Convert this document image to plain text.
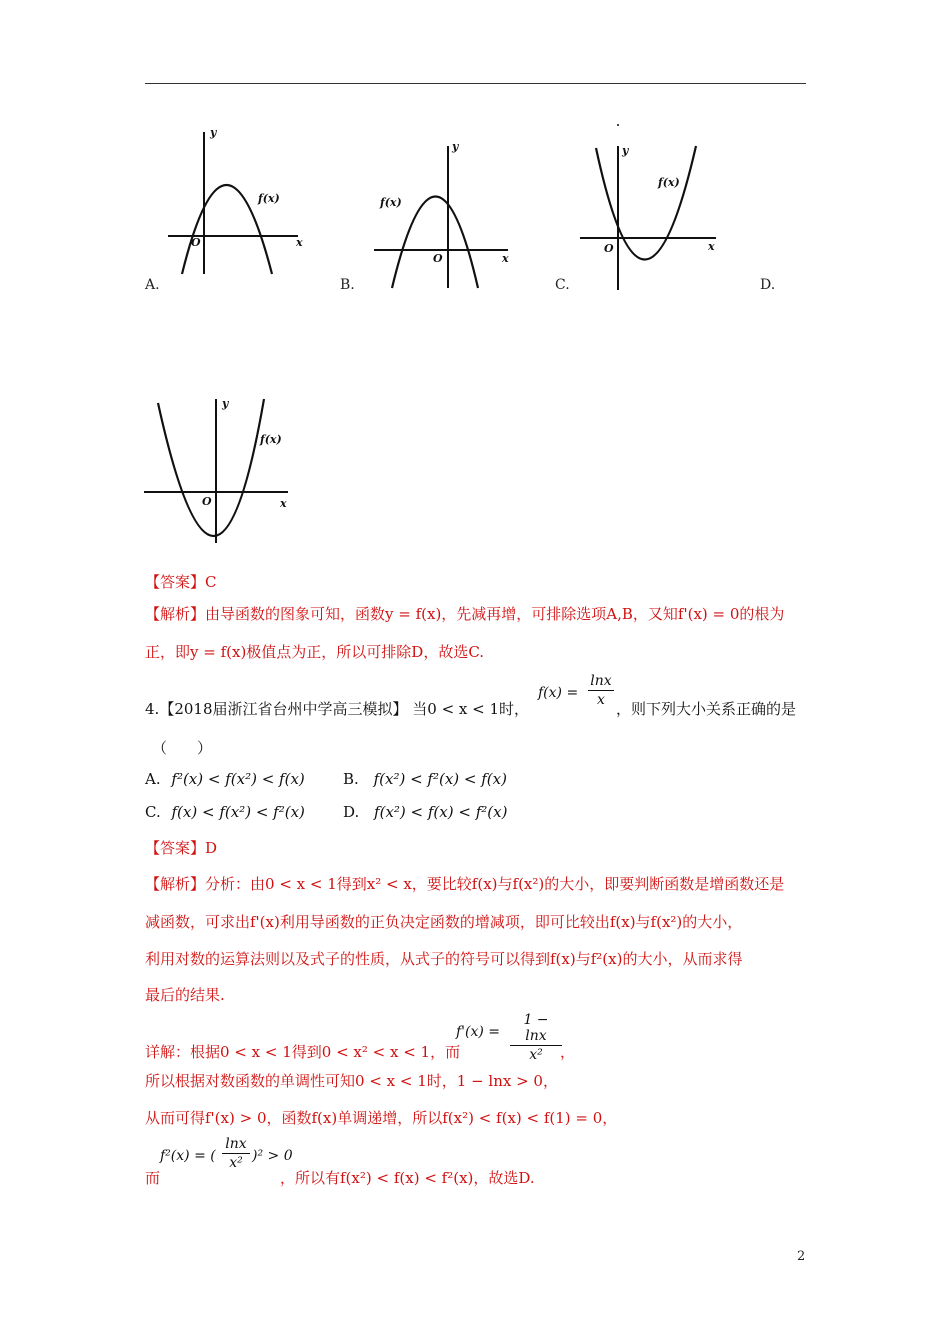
y
x
O
f(x)
A.
y
x
O
f(x)
B.
y
x
O
f(x)
C.	D.
y
x
O
f(x)
【答案】C
【解析】由导函数的图象可知，函数y = f(x)，先减再增，可排除选项A,B，又知f'(x) = 0的根为
正，即y = f(x)极值点为正，所以可排除D，故选C.
4.【2018届浙江省台州中学高三模拟】 当0 < x < 1时，
f(x) =
lnx
x ，则下列大小关系正确的是
（　　）
A. f²(x) < f(x²) < f(x)	B. f(x²) < f²(x) < f(x)
C. f(x) < f(x²) < f²(x)	D. f(x²) < f(x) < f²(x)
【答案】D
【解析】分析：由0 < x < 1得到x² < x，要比较f(x)与f(x²)的大小，即要判断函数是增函数还是
减函数，可求出f'(x)利用导函数的正负决定函数的增减项，即可比较出f(x)与f(x²)的大小，
利用对数的运算法则以及式子的性质，从式子的符号可以得到f(x)与f²(x)的大小，从而求得
最后的结果.
详解：根据0 < x < 1得到0 < x² < x < 1，而
f'(x) =
1 − lnx
x²	，
所以根据对数函数的单调性可知0 < x < 1时，1 − lnx > 0，
从而可得f'(x) > 0，函数f(x)单调递增，所以f(x²) < f(x) < f(1) = 0，
f²(x) = (
lnx
x² )² > 0
而	，所以有f(x²) < f(x) < f²(x)，故选D.
2
